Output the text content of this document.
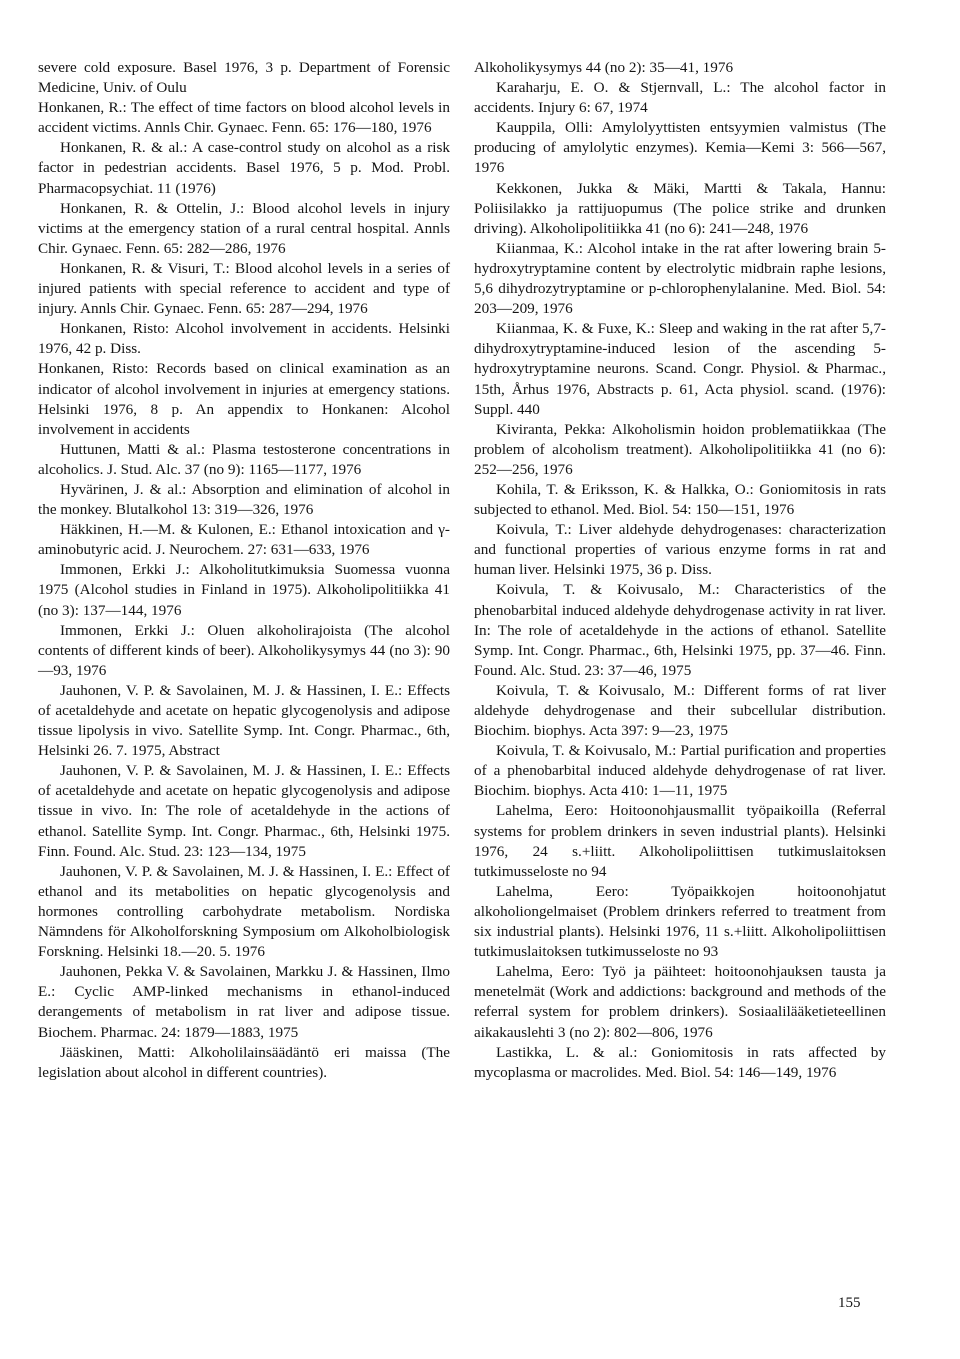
severe cold exposure. Basel 1976, 3 p. Department of Forensic Medicine, Univ. of Oulu

Honkanen, R.: The effect of time factors on blood alcohol levels in accident victims. Annls Chir. Gynaec. Fenn. 65: 176—180, 1976

Honkanen, R. & al.: A case-control study on alcohol as a risk factor in pedestrian accidents. Basel 1976, 5 p. Mod. Probl. Pharmacopsychiat. 11 (1976)

Honkanen, R. & Ottelin, J.: Blood alcohol levels in injury victims at the emergency station of a rural central hospital. Annls Chir. Gynaec. Fenn. 65: 282—286, 1976

Honkanen, R. & Visuri, T.: Blood alcohol levels in a series of injured patients with special reference to accident and type of injury. Annls Chir. Gynaec. Fenn. 65: 287—294, 1976

Honkanen, Risto: Alcohol involvement in accidents. Helsinki 1976, 42 p. Diss.

Honkanen, Risto: Records based on clinical examination as an indicator of alcohol involvement in injuries at emergency stations. Helsinki 1976, 8 p. An appendix to Honkanen: Alcohol involvement in accidents

Huttunen, Matti & al.: Plasma testosterone concentrations in alcoholics. J. Stud. Alc. 37 (no 9): 1165—1177, 1976

Hyvärinen, J. & al.: Absorption and elimination of alcohol in the monkey. Blutalkohol 13: 319—326, 1976

Häkkinen, H.—M. & Kulonen, E.: Ethanol intoxication and γ-aminobutyric acid. J. Neurochem. 27: 631—633, 1976

Immonen, Erkki J.: Alkoholitutkimuksia Suomessa vuonna 1975 (Alcohol studies in Finland in 1975). Alkoholipolitiikka 41 (no 3): 137—144, 1976

Immonen, Erkki J.: Oluen alkoholirajoista (The alcohol contents of different kinds of beer). Alkoholikysymys 44 (no 3): 90—93, 1976

Jauhonen, V. P. & Savolainen, M. J. & Hassinen, I. E.: Effects of acetaldehyde and acetate on hepatic glycogenolysis and adipose tissue lipolysis in vivo. Satellite Symp. Int. Congr. Pharmac., 6th, Helsinki 26. 7. 1975, Abstract

Jauhonen, V. P. & Savolainen, M. J. & Hassinen, I. E.: Effects of acetaldehyde and acetate on hepatic glycogenolysis and adipose tissue in vivo. In: The role of acetaldehyde in the actions of ethanol. Satellite Symp. Int. Congr. Pharmac., 6th, Helsinki 1975. Finn. Found. Alc. Stud. 23: 123—134, 1975

Jauhonen, V. P. & Savolainen, M. J. & Hassinen, I. E.: Effect of ethanol and its metabolities on hepatic glycogenolysis and hormones controlling carbohydrate metabolism. Nordiska Nämndens för Alkoholforskning Symposium om Alkoholbiologisk Forskning. Helsinki 18.—20. 5. 1976

Jauhonen, Pekka V. & Savolainen, Markku J. & Hassinen, Ilmo E.: Cyclic AMP-linked mechanisms in ethanol-induced derangements of metabolism in rat liver and adipose tissue. Biochem. Pharmac. 24: 1879—1883, 1975

Jääskinen, Matti: Alkoholilainsäädäntö eri maissa (The legislation about alcohol in different countries).

Alkoholikysymys 44 (no 2): 35—41, 1976

Karaharju, E. O. & Stjernvall, L.: The alcohol factor in accidents. Injury 6: 67, 1974

Kauppila, Olli: Amylolyyttisten entsyymien valmistus (The producing of amylolytic enzymes). Kemia—Kemi 3: 566—567, 1976

Kekkonen, Jukka & Mäki, Martti & Takala, Hannu: Poliisilakko ja rattijuopumus (The police strike and drunken driving). Alkoholipolitiikka 41 (no 6): 241—248, 1976

Kiianmaa, K.: Alcohol intake in the rat after lowering brain 5-hydroxytryptamine content by electrolytic midbrain raphe lesions, 5,6 dihydrozytryptamine or p-chlorophenylalanine. Med. Biol. 54: 203—209, 1976

Kiianmaa, K. & Fuxe, K.: Sleep and waking in the rat after 5,7-dihydroxytryptamine-induced lesion of the ascending 5-hydroxytryptamine neurons. Scand. Congr. Physiol. & Pharmac., 15th, Århus 1976, Abstracts p. 61, Acta physiol. scand. (1976): Suppl. 440

Kiviranta, Pekka: Alkoholismin hoidon problematiikkaa (The problem of alcoholism treatment). Alkoholipolitiikka 41 (no 6): 252—256, 1976

Kohila, T. & Eriksson, K. & Halkka, O.: Goniomitosis in rats subjected to ethanol. Med. Biol. 54: 150—151, 1976

Koivula, T.: Liver aldehyde dehydrogenases: characterization and functional properties of various enzyme forms in rat and human liver. Helsinki 1975, 36 p. Diss.

Koivula, T. & Koivusalo, M.: Characteristics of the phenobarbital induced aldehyde dehydrogenase activity in rat liver. In: The role of acetaldehyde in the actions of ethanol. Satellite Symp. Int. Congr. Pharmac., 6th, Helsinki 1975, pp. 37—46. Finn. Found. Alc. Stud. 23: 37—46, 1975

Koivula, T. & Koivusalo, M.: Different forms of rat liver aldehyde dehydrogenase and their subcellular distribution. Biochim. biophys. Acta 397: 9—23, 1975

Koivula, T. & Koivusalo, M.: Partial purification and properties of a phenobarbital induced aldehyde dehydrogenase of rat liver. Biochim. biophys. Acta 410: 1—11, 1975

Lahelma, Eero: Hoitoonohjausmallit työpaikoilla (Referral systems for problem drinkers in seven industrial plants). Helsinki 1976, 24 s.+liitt. Alkoholipoliittisen tutkimuslaitoksen tutkimusseloste no 94

Lahelma, Eero: Työpaikkojen hoitoonohjatut alkoholiongelmaiset (Problem drinkers referred to treatment from six industrial plants). Helsinki 1976, 11 s.+liitt. Alkoholipoliittisen tutkimuslaitoksen tutkimusseloste no 93

Lahelma, Eero: Työ ja päihteet: hoitoonohjauksen tausta ja menetelmät (Work and addictions: background and methods of the referral system for problem drinkers). Sosiaalilääketieteellinen aikakauslehti 3 (no 2): 802—806, 1976

Lastikka, L. & al.: Goniomitosis in rats affected by mycoplasma or macrolides. Med. Biol. 54: 146—149, 1976

155
